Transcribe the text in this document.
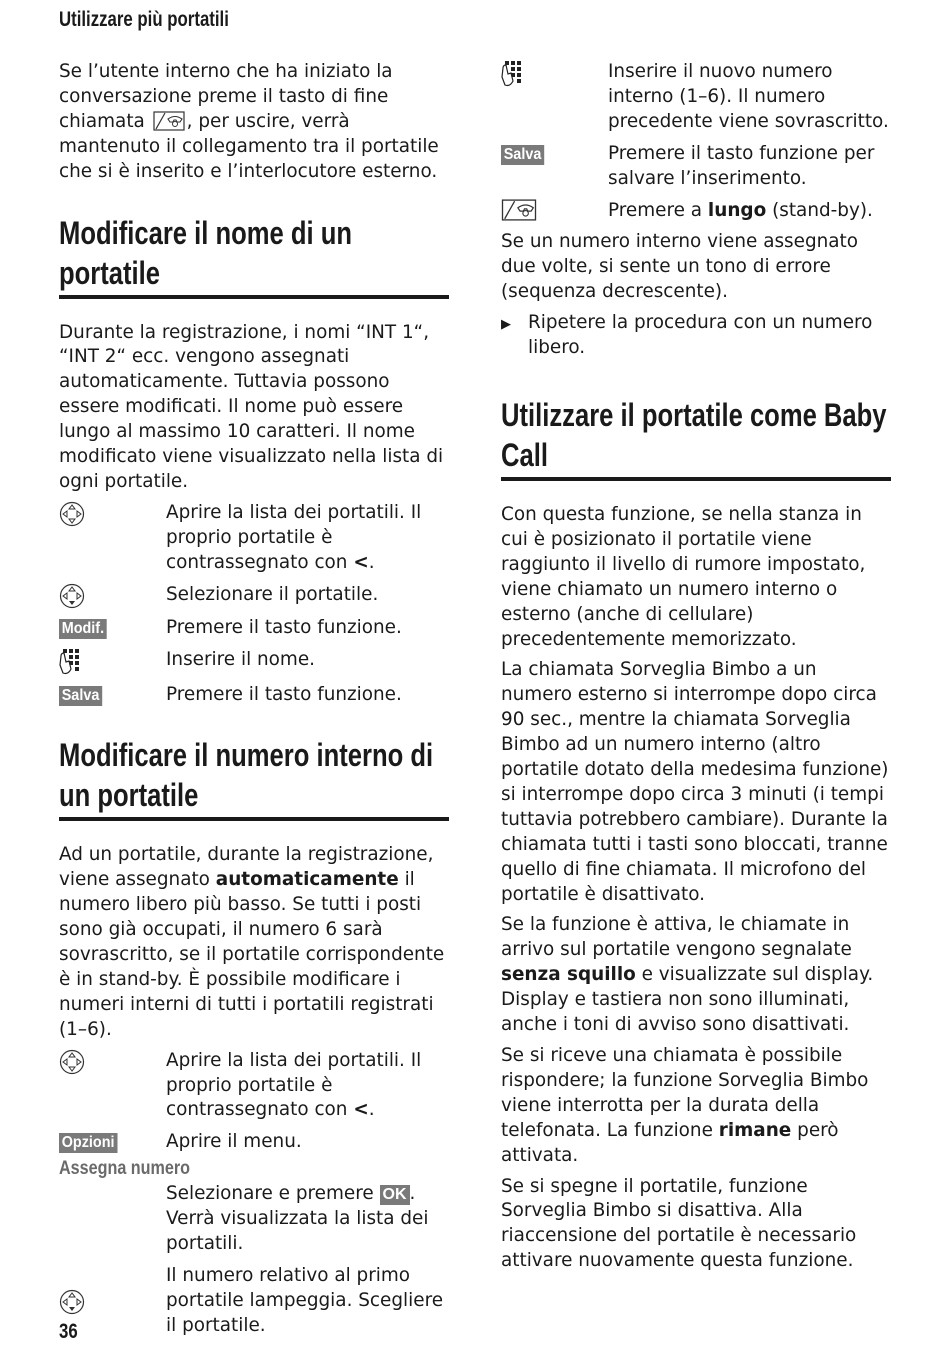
Utilizzare più portatili

Se l’utente interno che ha iniziato la conversazione preme il tasto di fine chiamata , per uscire, verrà mantenuto il collegamento tra il portatile che si è inserito e l’interlocutore esterno.

Modificare il nome di un portatile

Durante la registrazione, i nomi “INT 1“, “INT 2“ ecc. vengono assegnati automaticamente. Tuttavia possono essere modificati. Il nome può essere lungo al massimo 10 caratteri. Il nome modificato viene visualizzato nella lista di ogni portatile.

Aprire la lista dei portatili. Il proprio portatile è contrassegnato con <.
Selezionare il portatile.
Modif.	Premere il tasto funzione.
Inserire il nome.
Salva	Premere il tasto funzione.
Modificare il numero interno di un portatile

Ad un portatile, durante la registrazione, viene assegnato automaticamente il numero libero più basso. Se tutti i posti sono già occupati, il numero 6 sarà sovrascritto, se il portatile corrispondente è in stand-by. È possibile modificare i numeri interni di tutti i portatili registrati (1–6).

Aprire la lista dei portatili. Il proprio portatile è contrassegnato con <.
Opzioni	Aprire il menu.
Assegna numero
Selezionare e premere OK . Verrà visualizzata la lista dei portatili.
Il numero relativo al primo portatile lampeggia. Scegliere il portatile.
Inserire il nuovo numero interno (1–6). Il numero precedente viene sovrascritto.
Salva	Premere il tasto funzione per salvare l’inserimento.
Premere a lungo (stand-by).

Se un numero interno viene assegnato due volte, si sente un tono di errore (sequenza decrescente).

▶ Ripetere la procedura con un numero libero.
Utilizzare il portatile come Baby Call

Con questa funzione, se nella stanza in cui è posizionato il portatile viene raggiunto il livello di rumore impostato, viene chiamato un numero interno o esterno (anche di cellulare) precedentemente memorizzato.

La chiamata Sorveglia Bimbo a un numero esterno si interrompe dopo circa 90 sec., mentre la chiamata Sorveglia Bimbo ad un numero interno (altro portatile dotato della medesima funzione) si interrompe dopo circa 3 minuti (i tempi tuttavia potrebbero cambiare). Durante la chiamata tutti i tasti sono bloccati, tranne quello di fine chiamata. Il microfono del portatile è disattivato.

Se la funzione è attiva, le chiamate in arrivo sul portatile vengono segnalate senza squillo e visualizzate sul display. Display e tastiera non sono illuminati, anche i toni di avviso sono disattivati.

Se si riceve una chiamata è possibile rispondere; la funzione Sorveglia Bimbo viene interrotta per la durata della telefonata. La funzione rimane però attivata.

Se si spegne il portatile, funzione Sorveglia Bimbo si disattiva. Alla riaccensione del portatile è necessario attivare nuovamente questa funzione.

36
